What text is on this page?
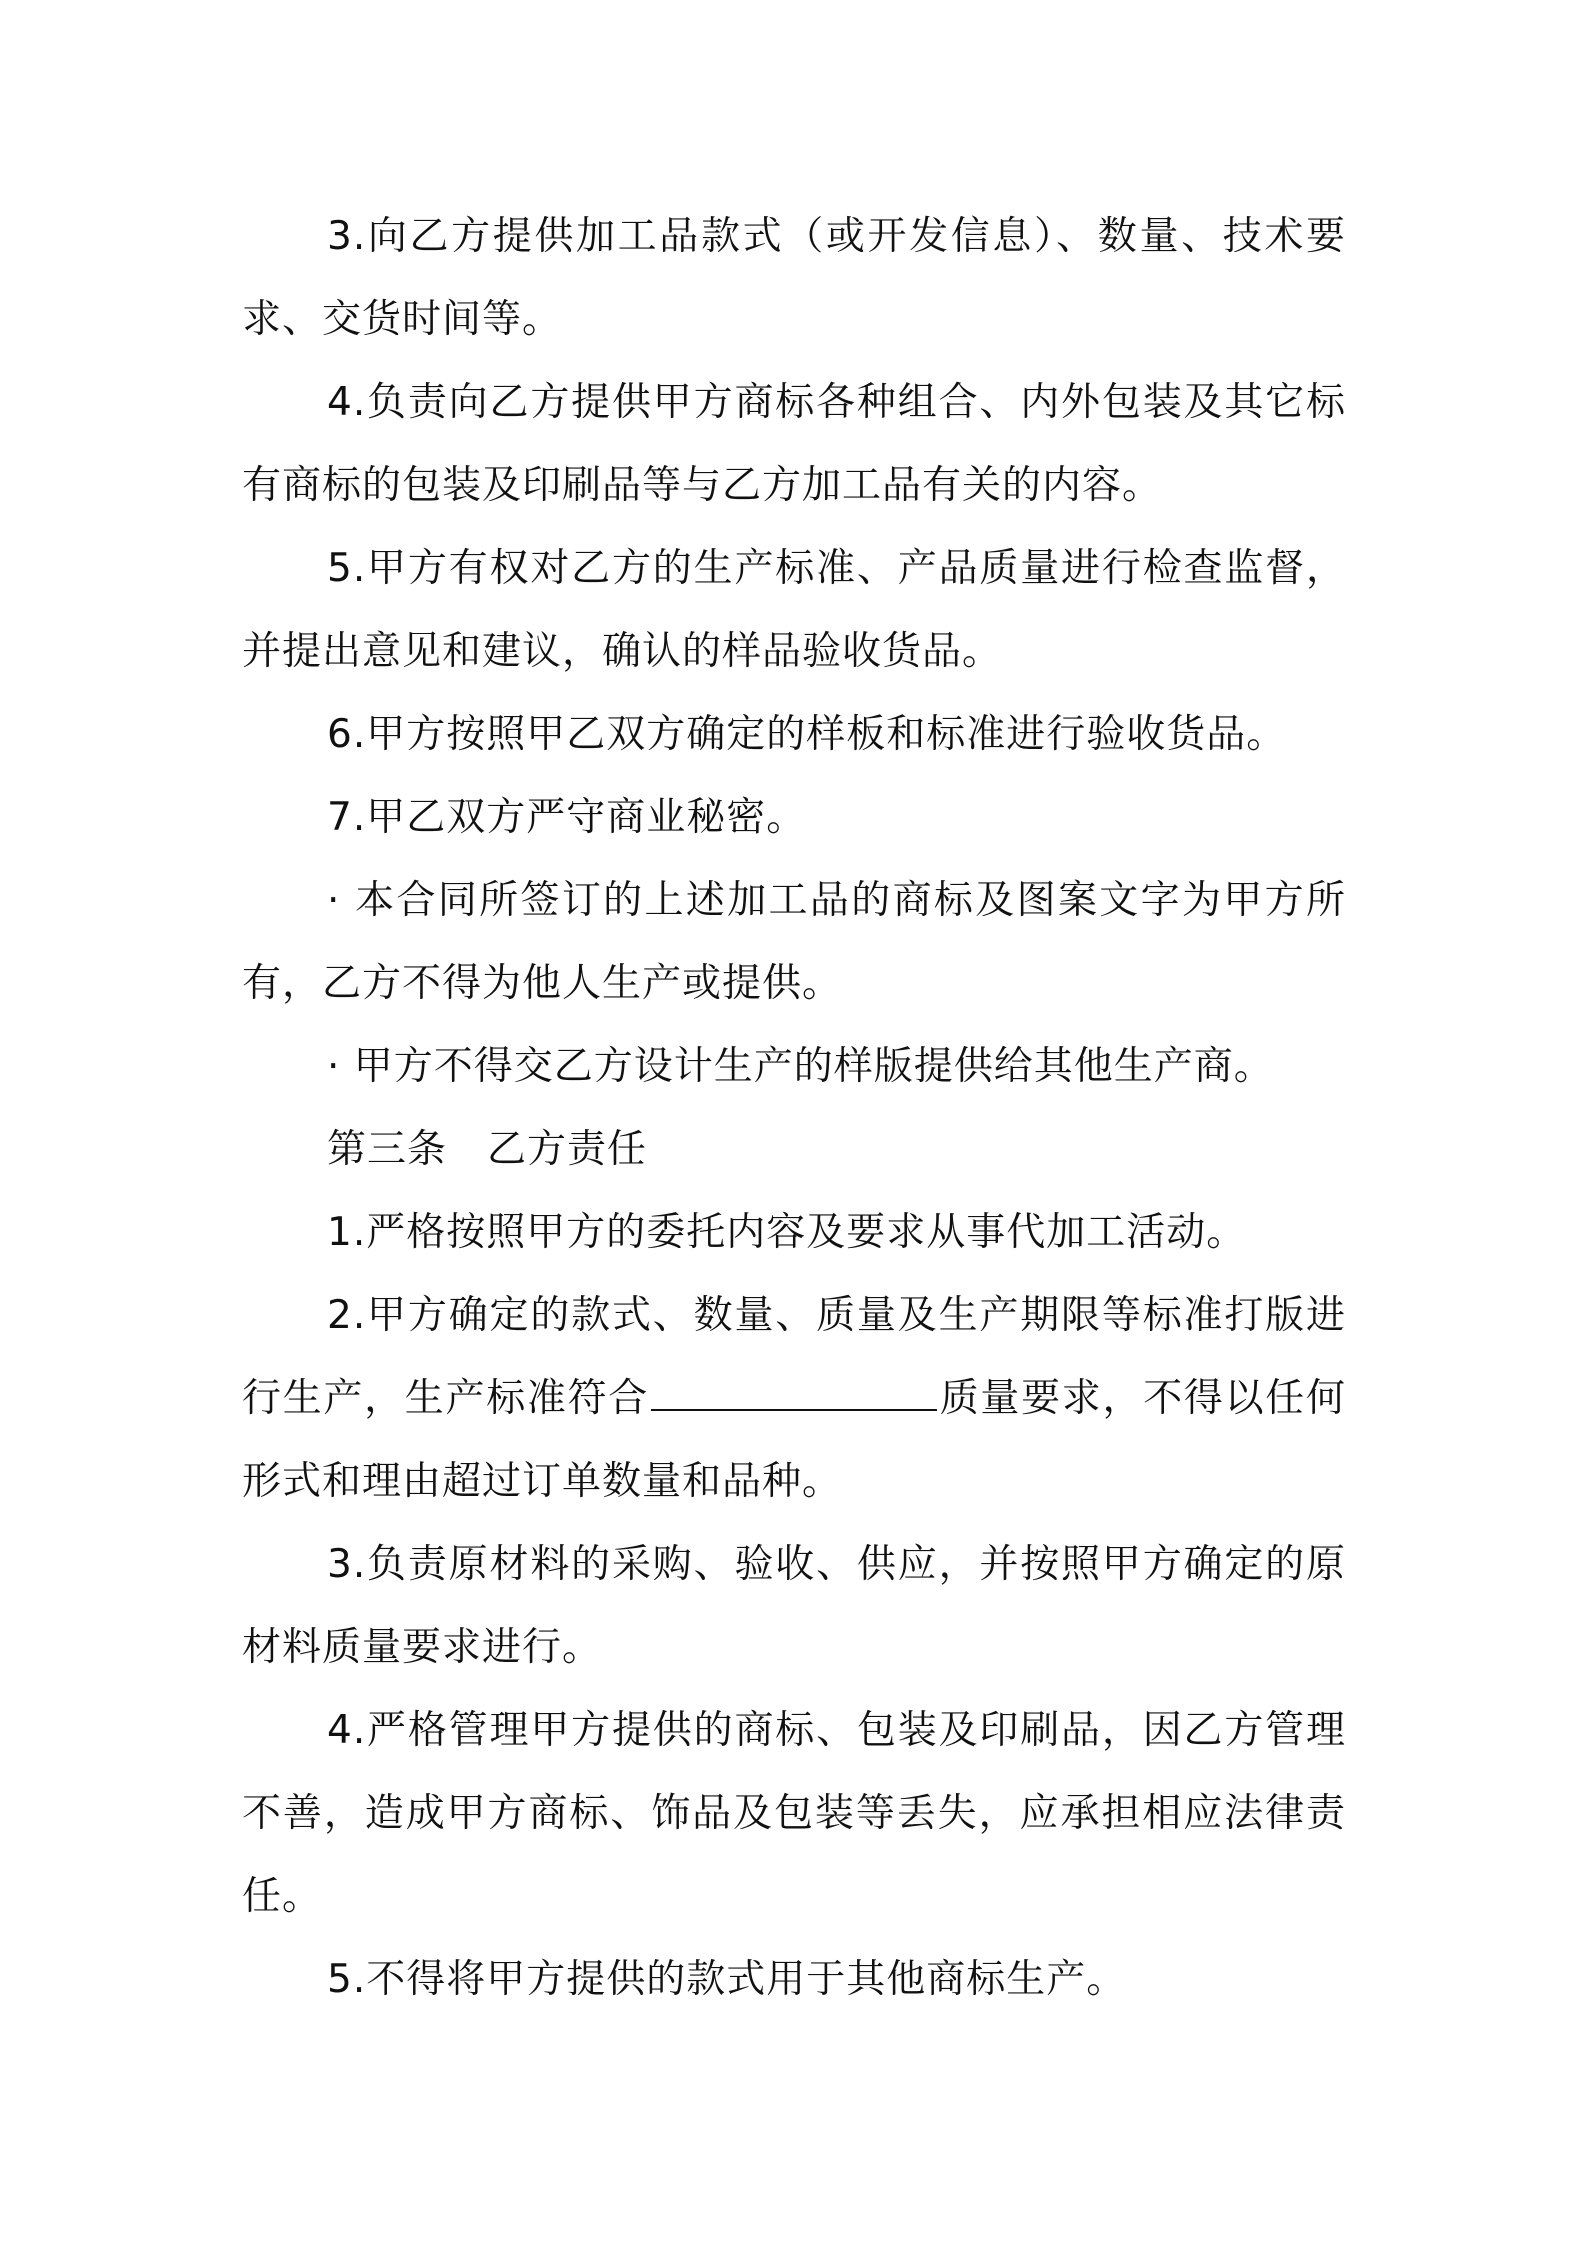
3.向乙方提供加工品款式（或开发信息）、数量、技术要求、交货时间等。

4.负责向乙方提供甲方商标各种组合、内外包装及其它标有商标的包装及印刷品等与乙方加工品有关的内容。

5.甲方有权对乙方的生产标准、产品质量进行检查监督，并提出意见和建议，确认的样品验收货品。

6.甲方按照甲乙双方确定的样板和标准进行验收货品。

7.甲乙双方严守商业秘密。

· 本合同所签订的上述加工品的商标及图案文字为甲方所有，乙方不得为他人生产或提供。

· 甲方不得交乙方设计生产的样版提供给其他生产商。

第三条　乙方责任

1.严格按照甲方的委托内容及要求从事代加工活动。

2.甲方确定的款式、数量、质量及生产期限等标准打版进行生产，生产标准符合	质量要求，不得以任何形式和理由超过订单数量和品种。

3.负责原材料的采购、验收、供应，并按照甲方确定的原材料质量要求进行。

4.严格管理甲方提供的商标、包装及印刷品，因乙方管理不善，造成甲方商标、饰品及包装等丢失，应承担相应法律责任。

5.不得将甲方提供的款式用于其他商标生产。
